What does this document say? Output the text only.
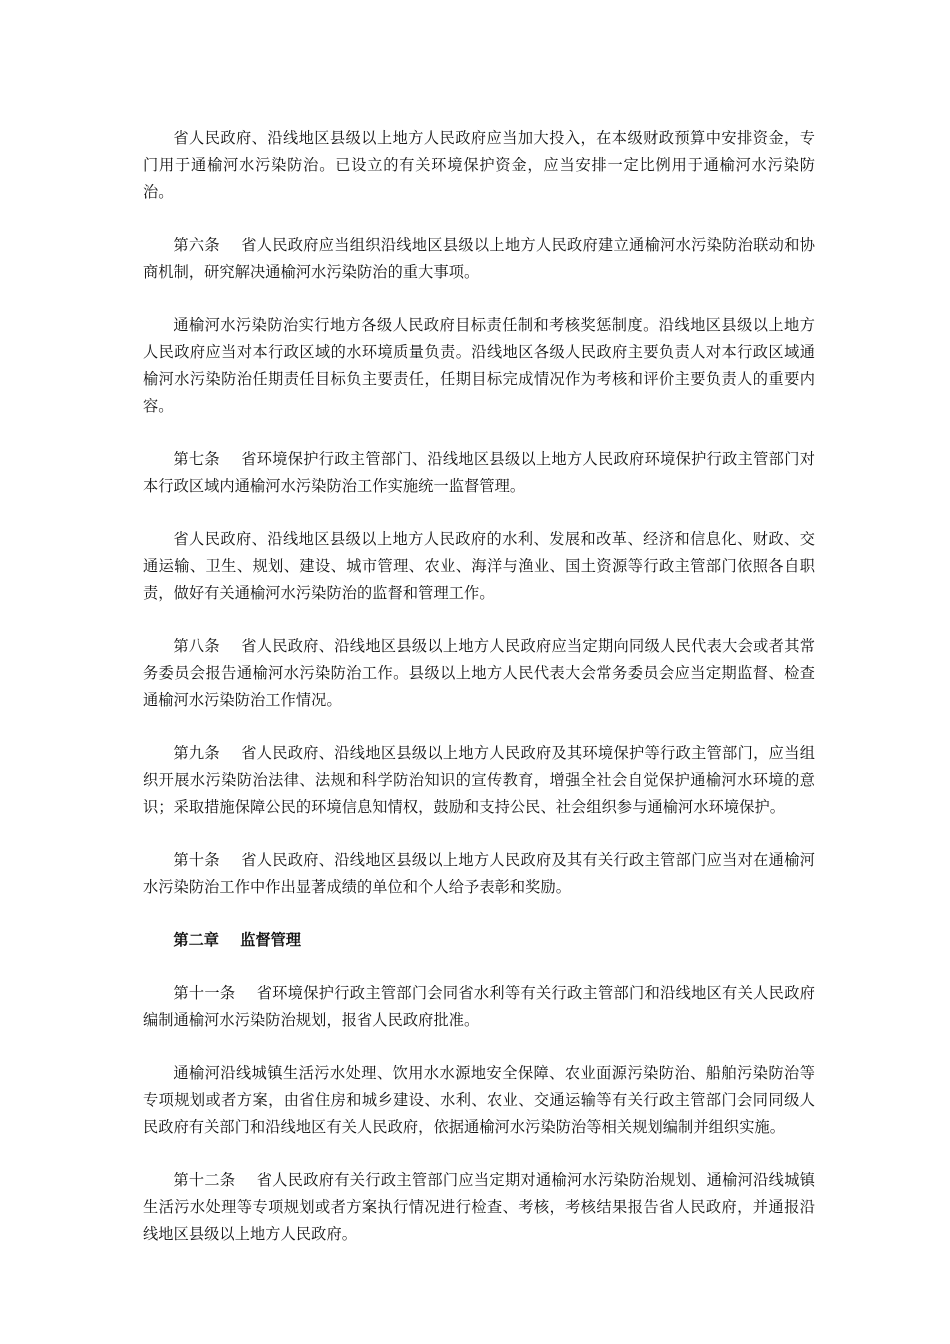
省人民政府、沿线地区县级以上地方人民政府应当加大投入，在本级财政预算中安排资金，专门用于通榆河水污染防治。已设立的有关环境保护资金，应当安排一定比例用于通榆河水污染防治。

第六条 省人民政府应当组织沿线地区县级以上地方人民政府建立通榆河水污染防治联动和协商机制，研究解决通榆河水污染防治的重大事项。

通榆河水污染防治实行地方各级人民政府目标责任制和考核奖惩制度。沿线地区县级以上地方人民政府应当对本行政区域的水环境质量负责。沿线地区各级人民政府主要负责人对本行政区域通榆河水污染防治任期责任目标负主要责任，任期目标完成情况作为考核和评价主要负责人的重要内容。

第七条 省环境保护行政主管部门、沿线地区县级以上地方人民政府环境保护行政主管部门对本行政区域内通榆河水污染防治工作实施统一监督管理。

省人民政府、沿线地区县级以上地方人民政府的水利、发展和改革、经济和信息化、财政、交通运输、卫生、规划、建设、城市管理、农业、海洋与渔业、国土资源等行政主管部门依照各自职责，做好有关通榆河水污染防治的监督和管理工作。

第八条 省人民政府、沿线地区县级以上地方人民政府应当定期向同级人民代表大会或者其常务委员会报告通榆河水污染防治工作。县级以上地方人民代表大会常务委员会应当定期监督、检查通榆河水污染防治工作情况。

第九条 省人民政府、沿线地区县级以上地方人民政府及其环境保护等行政主管部门，应当组织开展水污染防治法律、法规和科学防治知识的宣传教育，增强全社会自觉保护通榆河水环境的意识；采取措施保障公民的环境信息知情权，鼓励和支持公民、社会组织参与通榆河水环境保护。

第十条 省人民政府、沿线地区县级以上地方人民政府及其有关行政主管部门应当对在通榆河水污染防治工作中作出显著成绩的单位和个人给予表彰和奖励。

第二章 监督管理

第十一条 省环境保护行政主管部门会同省水利等有关行政主管部门和沿线地区有关人民政府编制通榆河水污染防治规划，报省人民政府批准。

通榆河沿线城镇生活污水处理、饮用水水源地安全保障、农业面源污染防治、船舶污染防治等专项规划或者方案，由省住房和城乡建设、水利、农业、交通运输等有关行政主管部门会同同级人民政府有关部门和沿线地区有关人民政府，依据通榆河水污染防治等相关规划编制并组织实施。

第十二条 省人民政府有关行政主管部门应当定期对通榆河水污染防治规划、通榆河沿线城镇生活污水处理等专项规划或者方案执行情况进行检查、考核，考核结果报告省人民政府，并通报沿线地区县级以上地方人民政府。
